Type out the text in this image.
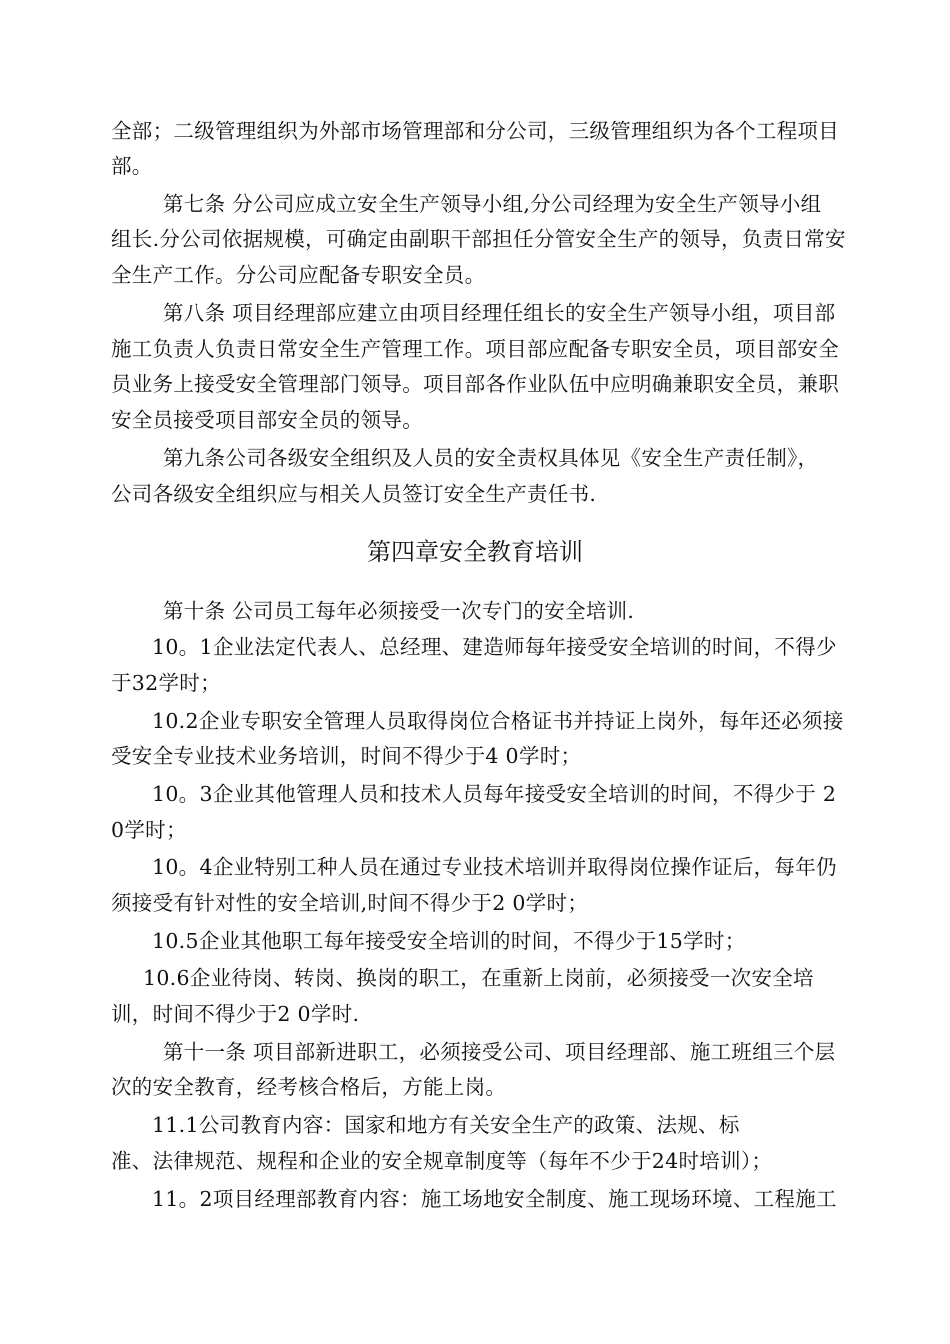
全部；二级管理组织为外部市场管理部和分公司，三级管理组织为各个工程项目
部。
第七条 分公司应成立安全生产领导小组,分公司经理为安全生产领导小组
组长.分公司依据规模，可确定由副职干部担任分管安全生产的领导，负责日常安
全生产工作。分公司应配备专职安全员。
第八条 项目经理部应建立由项目经理任组长的安全生产领导小组，项目部
施工负责人负责日常安全生产管理工作。项目部应配备专职安全员，项目部安全
员业务上接受安全管理部门领导。项目部各作业队伍中应明确兼职安全员，兼职
安全员接受项目部安全员的领导。
第九条公司各级安全组织及人员的安全责权具体见《安全生产责任制》，
公司各级安全组织应与相关人员签订安全生产责任书.
第四章安全教育培训
第十条 公司员工每年必须接受一次专门的安全培训.
10。1企业法定代表人、总经理、建造师每年接受安全培训的时间，不得少
于32学时；
10.2企业专职安全管理人员取得岗位合格证书并持证上岗外，每年还必须接
受安全专业技术业务培训，时间不得少于4 0学时；
10。3企业其他管理人员和技术人员每年接受安全培训的时间，不得少于 2
0学时；
10。4企业特别工种人员在通过专业技术培训并取得岗位操作证后，每年仍
须接受有针对性的安全培训,时间不得少于2 0学时；
10.5企业其他职工每年接受安全培训的时间，不得少于15学时；
10.6企业待岗、转岗、换岗的职工，在重新上岗前，必须接受一次安全培
训，时间不得少于2 0学时.
第十一条 项目部新进职工，必须接受公司、项目经理部、施工班组三个层
次的安全教育，经考核合格后，方能上岗。
11.1公司教育内容：国家和地方有关安全生产的政策、法规、标
准、法律规范、规程和企业的安全规章制度等（每年不少于24时培训）；
11。2项目经理部教育内容：施工场地安全制度、施工现场环境、工程施工
